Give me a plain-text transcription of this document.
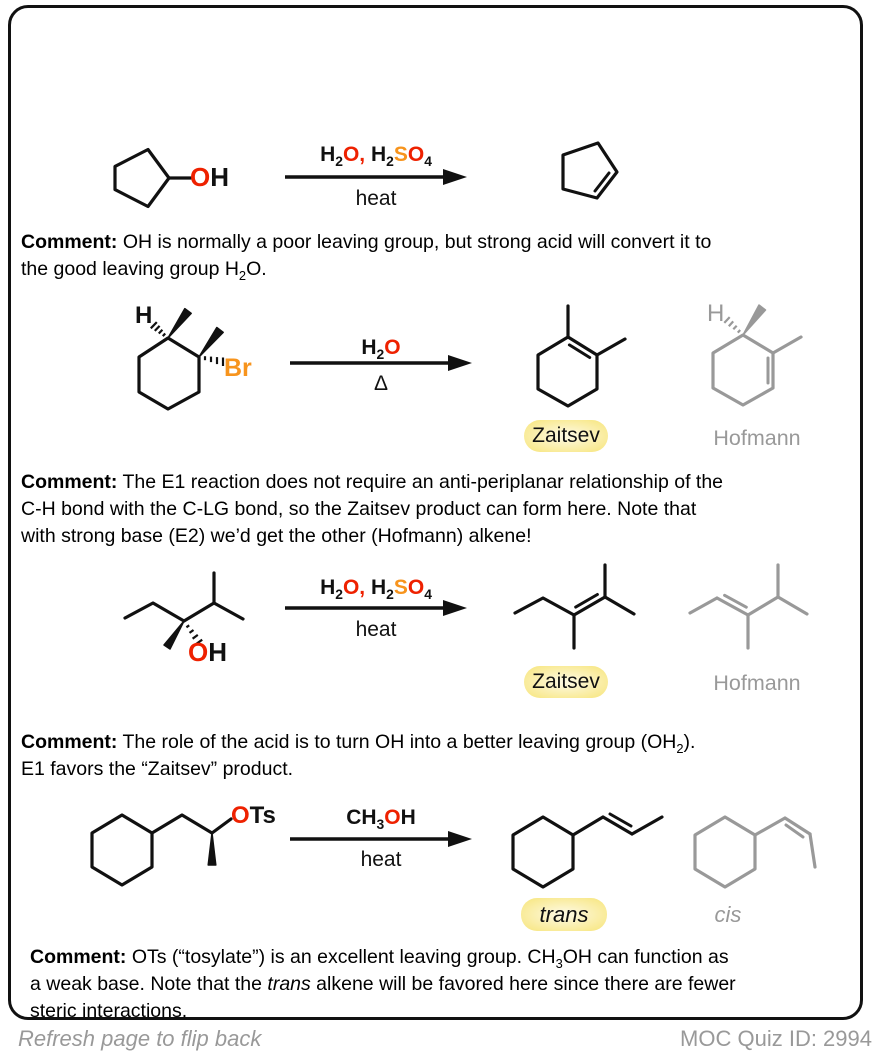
OH
$H_2O$, $H_2SO_4$
heat
Comment: OH is normally a poor leaving group, but strong acid will convert it to
the good leaving group $H_2O$.
H
Br
$H_2O$
Δ
Zaitsev
H
Hofmann
Comment: The E1 reaction does not require an anti-periplanar relationship of the
C-H bond with the C-LG bond, so the Zaitsev product can form here. Note that
with strong base (E2) we’d get the other (Hofmann) alkene!
OH
$H_2O$, $H_2SO_4$
heat
Zaitsev	Hofmann
Comment: The role of the acid is to turn OH into a better leaving group $(OH_2)$.
E1 favors the “Zaitsev” product.
OTs	$CH_3OH$
heat
trans	cis
Comment: OTs (“tosylate”) is an excellent leaving group. $CH_3OH$ can function as
a weak base. Note that the trans alkene will be favored here since there are fewer
steric interactions.
Refresh page to flip back	MOC Quiz ID: 2994
